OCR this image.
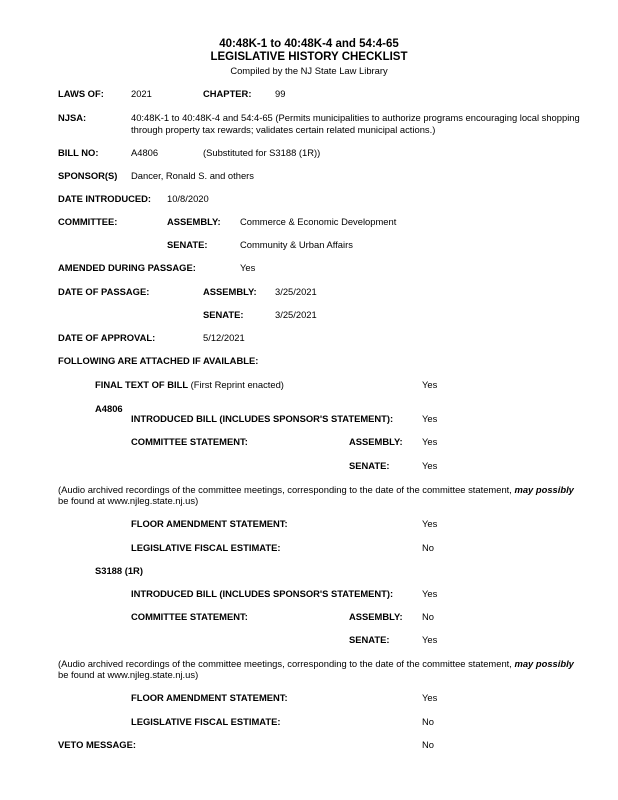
40:48K-1 to 40:48K-4 and 54:4-65
LEGISLATIVE HISTORY CHECKLIST
Compiled by the NJ State Law Library
LAWS OF:	2021	CHAPTER:	99
NJSA:	40:48K-1 to 40:48K-4 and 54:4-65 (Permits municipalities to authorize programs encouraging local shopping
through property tax rewards; validates certain related municipal actions.)
BILL NO:	A4806	(Substituted for S3188 (1R))
SPONSOR(S) Dancer, Ronald S. and others
DATE INTRODUCED: 10/8/2020
COMMITTEE:	ASSEMBLY: Commerce & Economic Development
SENATE:	Community & Urban Affairs
AMENDED DURING PASSAGE:	Yes
DATE OF PASSAGE:	ASSEMBLY: 3/25/2021
SENATE:	3/25/2021
DATE OF APPROVAL:	5/12/2021
FOLLOWING ARE ATTACHED IF AVAILABLE:
FINAL TEXT OF BILL (First Reprint enacted)	Yes
A4806
INTRODUCED BILL (INCLUDES SPONSOR'S STATEMENT):	Yes
COMMITTEE STATEMENT:	ASSEMBLY: Yes
SENATE:	Yes
(Audio archived recordings of the committee meetings, corresponding to the date of the committee statement, may possibly
be found at www.njleg.state.nj.us)
FLOOR AMENDMENT STATEMENT:	Yes
LEGISLATIVE FISCAL ESTIMATE:	No
S3188 (1R)
INTRODUCED BILL (INCLUDES SPONSOR'S STATEMENT):	Yes
COMMITTEE STATEMENT:	ASSEMBLY: No
SENATE:	Yes
(Audio archived recordings of the committee meetings, corresponding to the date of the committee statement, may possibly
be found at www.njleg.state.nj.us)
FLOOR AMENDMENT STATEMENT:	Yes
LEGISLATIVE FISCAL ESTIMATE:	No
VETO MESSAGE:	No
